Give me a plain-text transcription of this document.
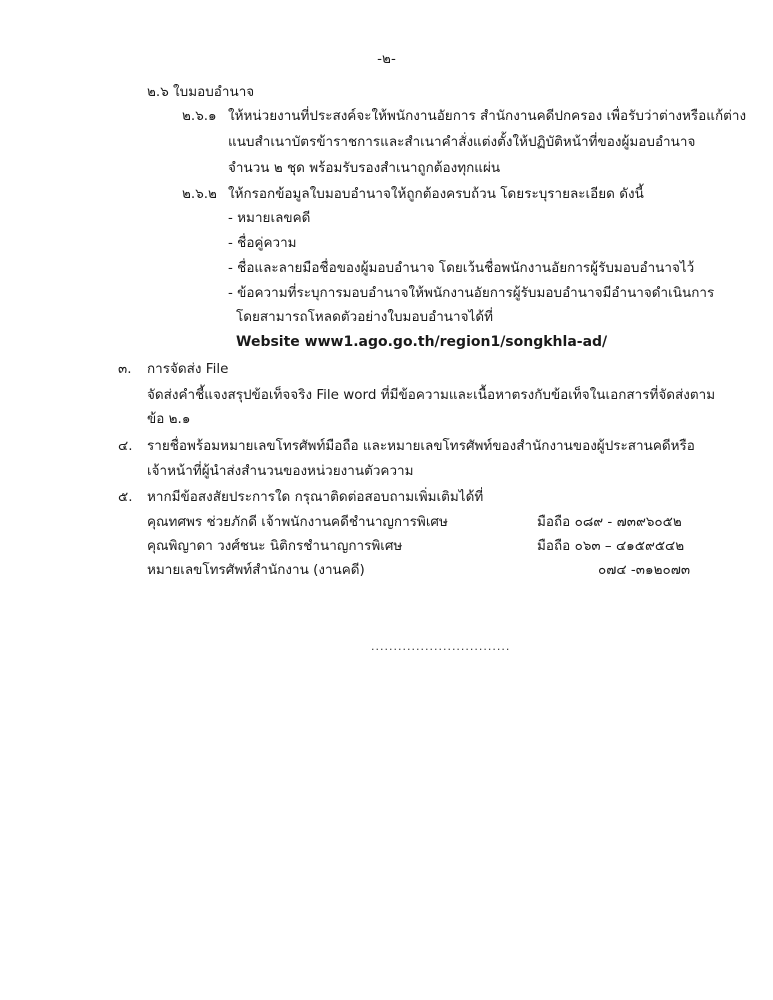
-๒-
๒.๖ ใบมอบอำนาจ
๒.๖.๑ ให้หน่วยงานที่ประสงค์จะให้พนักงานอัยการ สำนักงานคดีปกครอง เพื่อรับว่าต่างหรือแก้ต่าง
แนบสำเนาบัตรข้าราชการและสำเนาคำสั่งแต่งตั้งให้ปฏิบัติหน้าที่ของผู้มอบอำนาจ
จำนวน ๒ ชุด พร้อมรับรองสำเนาถูกต้องทุกแผ่น
๒.๖.๒ ให้กรอกข้อมูลใบมอบอำนาจให้ถูกต้องครบถ้วน โดยระบุรายละเอียด ดังนี้
- หมายเลขคดี
- ชื่อคู่ความ
- ชื่อและลายมือชื่อของผู้มอบอำนาจ โดยเว้นชื่อพนักงานอัยการผู้รับมอบอำนาจไว้
- ข้อความที่ระบุการมอบอำนาจให้พนักงานอัยการผู้รับมอบอำนาจมีอำนาจดำเนินการ
โดยสามารถโหลดตัวอย่างใบมอบอำนาจได้ที่
Website www1.ago.go.th/region1/songkhla-ad/
๓. การจัดส่ง File
จัดส่งคำชี้แจงสรุปข้อเท็จจริง File word ที่มีข้อความและเนื้อหาตรงกับข้อเท็จในเอกสารที่จัดส่งตาม
ข้อ ๒.๑
๔. รายชื่อพร้อมหมายเลขโทรศัพท์มือถือ และหมายเลขโทรศัพท์ของสำนักงานของผู้ประสานคดีหรือ
เจ้าหน้าที่ผู้นำส่งสำนวนของหน่วยงานตัวความ
๕. หากมีข้อสงสัยประการใด กรุณาติดต่อสอบถามเพิ่มเติมได้ที่
คุณทศพร ช่วยภักดี เจ้าพนักงานคดีชำนาญการพิเศษ	มือถือ ๐๘๙ - ๗๓๙๖๐๕๒
คุณพิญาดา วงศ์ชนะ นิติกรชำนาญการพิเศษ	มือถือ ๐๖๓ – ๔๑๕๙๕๔๒
หมายเลขโทรศัพท์สำนักงาน (งานคดี)	๐๗๔ -๓๑๒๐๗๓
...............................
